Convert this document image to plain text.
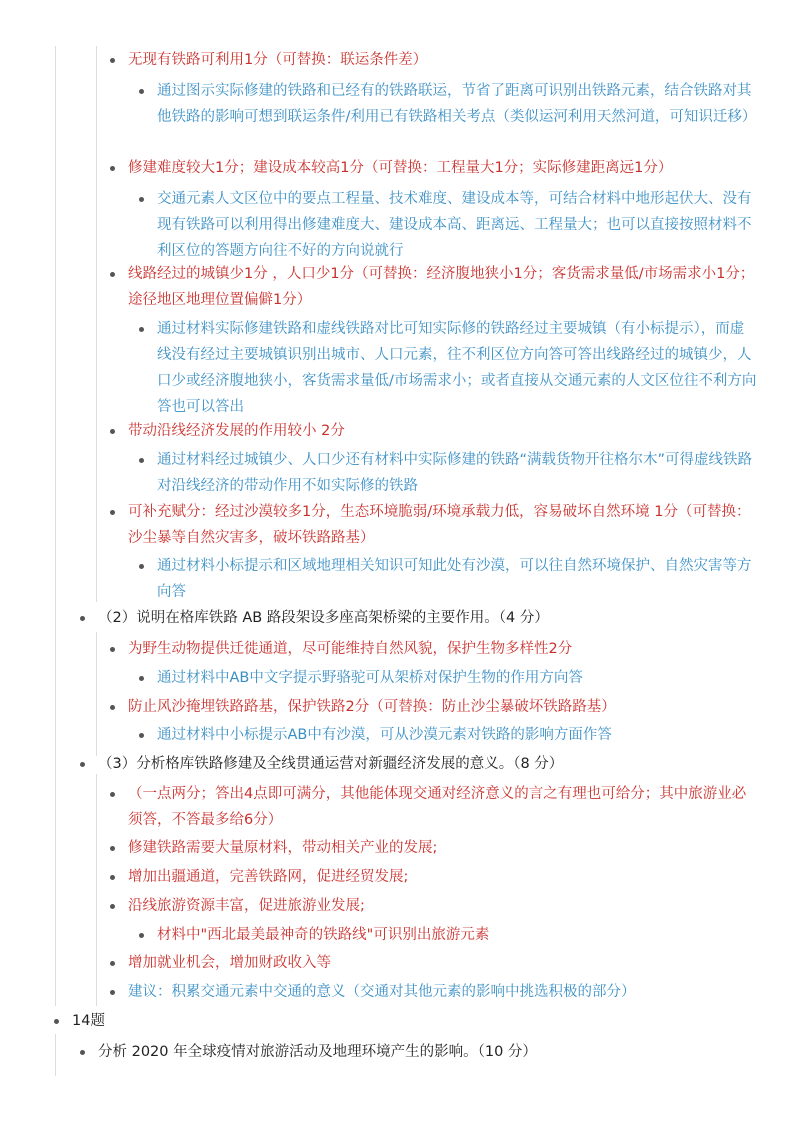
无现有铁路可利用1分（可替换：联运条件差）
通过图示实际修建的铁路和已经有的铁路联运，节省了距离可识别出铁路元素，结合铁路对其他铁路的影响可想到联运条件/利用已有铁路相关考点（类似运河利用天然河道，可知识迁移）
修建难度较大1分；建设成本较高1分（可替换：工程量大1分；实际修建距离远1分）
交通元素人文区位中的要点工程量、技术难度、建设成本等，可结合材料中地形起伏大、没有现有铁路可以利用得出修建难度大、建设成本高、距离远、工程量大；也可以直接按照材料不利区位的答题方向往不好的方向说就行
线路经过的城镇少1分 ，人口少1分（可替换：经济腹地狭小1分；客货需求量低/市场需求小1分；途径地区地理位置偏僻1分）
通过材料实际修建铁路和虚线铁路对比可知实际修的铁路经过主要城镇（有小标提示），而虚线没有经过主要城镇识别出城市、人口元素，往不利区位方向答可答出线路经过的城镇少，人口少或经济腹地狭小，客货需求量低/市场需求小；或者直接从交通元素的人文区位往不利方向答也可以答出
带动沿线经济发展的作用较小 2分
通过材料经过城镇少、人口少还有材料中实际修建的铁路“满载货物开往格尔木”可得虚线铁路对沿线经济的带动作用不如实际修的铁路
可补充赋分：经过沙漠较多1分，生态环境脆弱/环境承载力低，容易破坏自然环境 1分（可替换：沙尘暴等自然灾害多，破坏铁路路基）
通过材料小标提示和区域地理相关知识可知此处有沙漠，可以往自然环境保护、自然灾害等方向答
（2）说明在格库铁路 AB 路段架设多座高架桥梁的主要作用。（4 分）
为野生动物提供迁徙通道，尽可能维持自然风貌，保护生物多样性2分
通过材料中AB中文字提示野骆驼可从架桥对保护生物的作用方向答
防止风沙掩埋铁路路基，保护铁路2分（可替换：防止沙尘暴破坏铁路路基）
通过材料中小标提示AB中有沙漠，可从沙漠元素对铁路的影响方面作答
（3）分析格库铁路修建及全线贯通运营对新疆经济发展的意义。（8 分）
（一点两分；答出4点即可满分，其他能体现交通对经济意义的言之有理也可给分；其中旅游业必须答，不答最多给6分）
修建铁路需要大量原材料，带动相关产业的发展;
增加出疆通道，完善铁路网，促进经贸发展;
沿线旅游资源丰富，促进旅游业发展;
材料中"西北最美最神奇的铁路线"可识别出旅游元素
增加就业机会，增加财政收入等
建议：积累交通元素中交通的意义（交通对其他元素的影响中挑选积极的部分）
14题
分析 2020 年全球疫情对旅游活动及地理环境产生的影响。（10 分）
